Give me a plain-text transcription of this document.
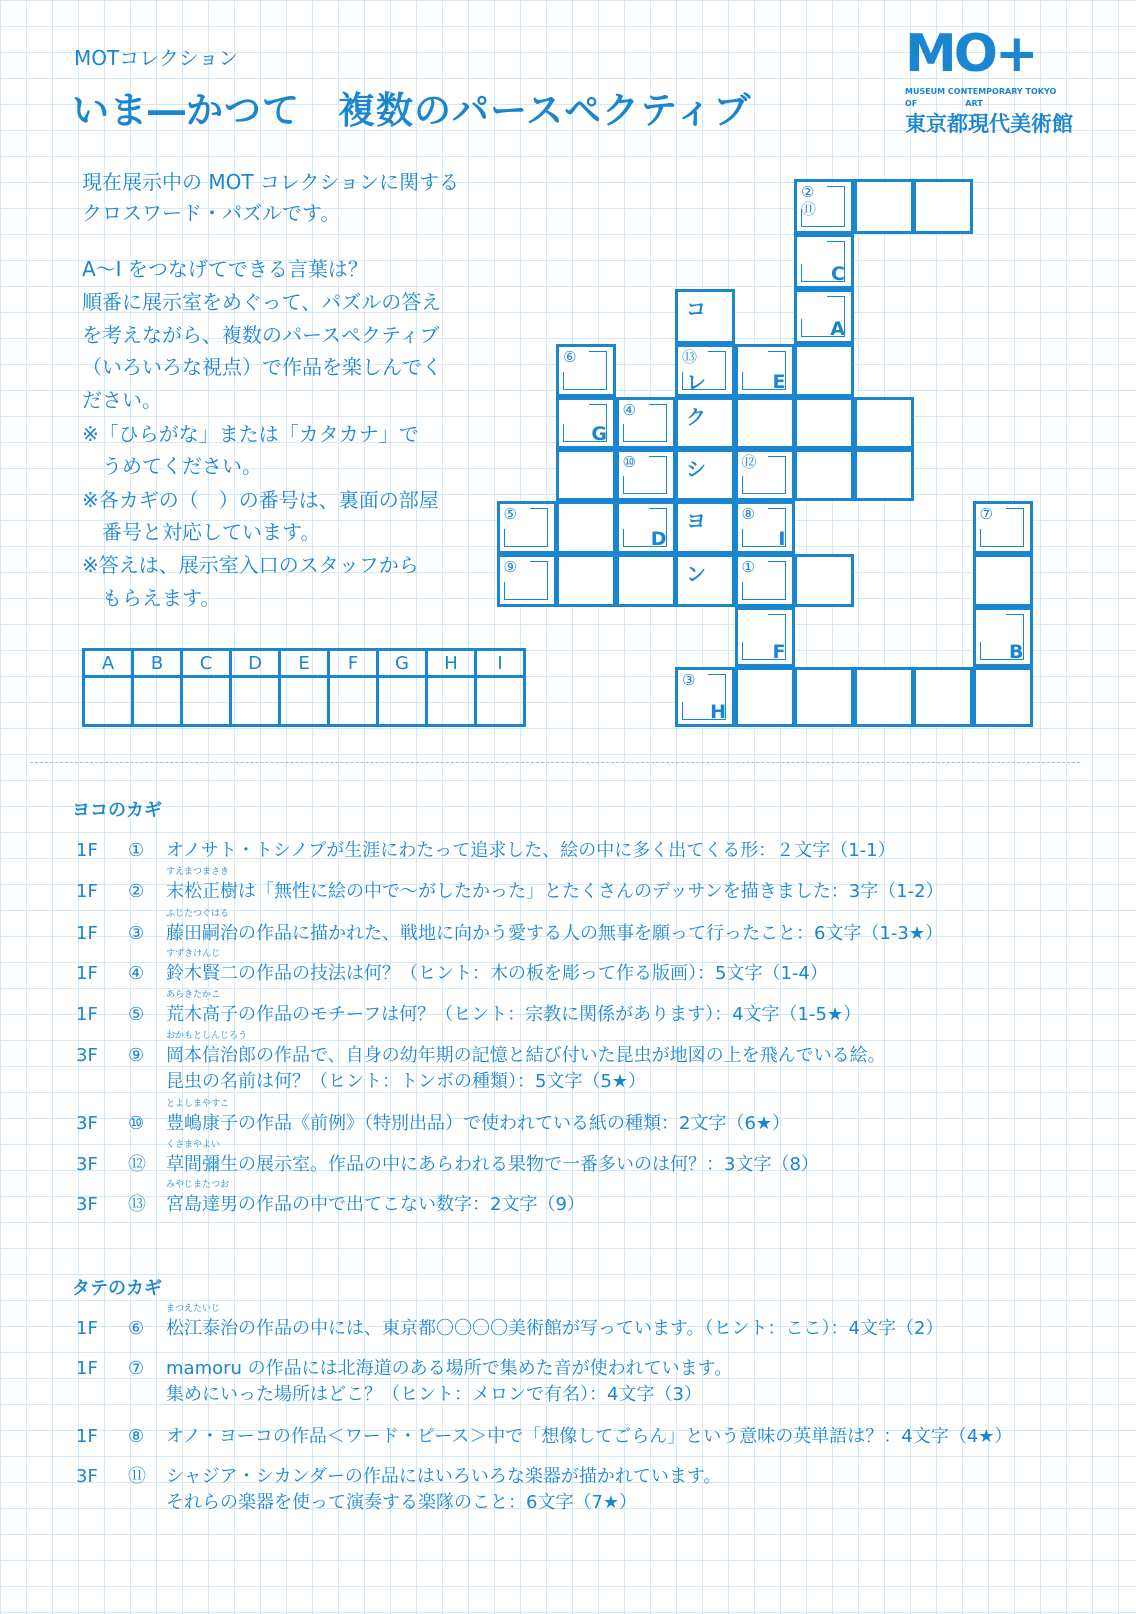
MOTコレクション
いま―かつて　複数のパースペクティブ
MO+
MUSEUM CONTEMPORARY TOKYO
OF　　　　　　ART
東京都現代美術館
現在展示中の MOT コレクションに関する
クロスワード・パズルです。
A〜I をつなげてできる言葉は？
順番に展示室をめぐって、パズルの答え
を考えながら、複数のパースペクティブ
（いろいろな視点）で作品を楽しんでく
ださい。
※「ひらがな」または「カタカナ」で
　うめてください。
※各カギの（　）の番号は、裏面の部屋
　番号と対応しています。
※答えは、展示室入口のスタッフから
　もらえます。
A	B	C	D	E	F	G	H	I

②
⑪
C
コ
A
⑥	⑬
レ	E
G
④	ク
⑩	シ ⑫
⑤
D
ヨ ⑧
I
⑦
⑨	ン ①
F	B
③
H
ヨコのカギ
1F ① オノサト・トシノブが生涯にわたって追求した、絵の中に多く出てくる形：２文字（1-1）
1F ②
すえまつまさき
末松正樹は「無性に絵の中で〜がしたかった」とたくさんのデッサンを描きました：3字（1-2）
1F ③
ふじたつぐはる
藤田嗣治の作品に描かれた、戦地に向かう愛する人の無事を願って行ったこと：6文字（1-3★）
1F ④
すずきけんじ
鈴木賢二の作品の技法は何？（ヒント：木の板を彫って作る版画）：5文字（1-4）
1F ⑤
あらきたかこ
荒木高子の作品のモチーフは何？（ヒント：宗教に関係があります）：4文字（1-5★）
3F ⑨
おかもとしんじろう
岡本信治郎の作品で、自身の幼年期の記憶と結び付いた昆虫が地図の上を飛んでいる絵。
昆虫の名前は何？（ヒント：トンボの種類）：5文字（5★）
3F ⑩
とよしまやすこ
豊嶋康子の作品《前例》（特別出品）で使われている紙の種類：2文字（6★）
3F ⑫
くさまやよい
草間彌生の展示室。作品の中にあらわれる果物で一番多いのは何？：3文字（8）
3F ⑬
みやじまたつお
宮島達男の作品の中で出てこない数字：2文字（9）
タテのカギ
1F ⑥
まつえたいじ
松江泰治の作品の中には、東京都〇〇〇〇美術館が写っています。（ヒント：ここ）：4文字（2）
1F ⑦ mamoru の作品には北海道のある場所で集めた音が使われています。
集めにいった場所はどこ？（ヒント：メロンで有名）：4文字（3）
1F ⑧ オノ・ヨーコの作品＜ワード・ピース＞中で「想像してごらん」という意味の英単語は？：4文字（4★）
3F ⑪ シャジア・シカンダーの作品にはいろいろな楽器が描かれています。
それらの楽器を使って演奏する楽隊のこと：6文字（7★）
